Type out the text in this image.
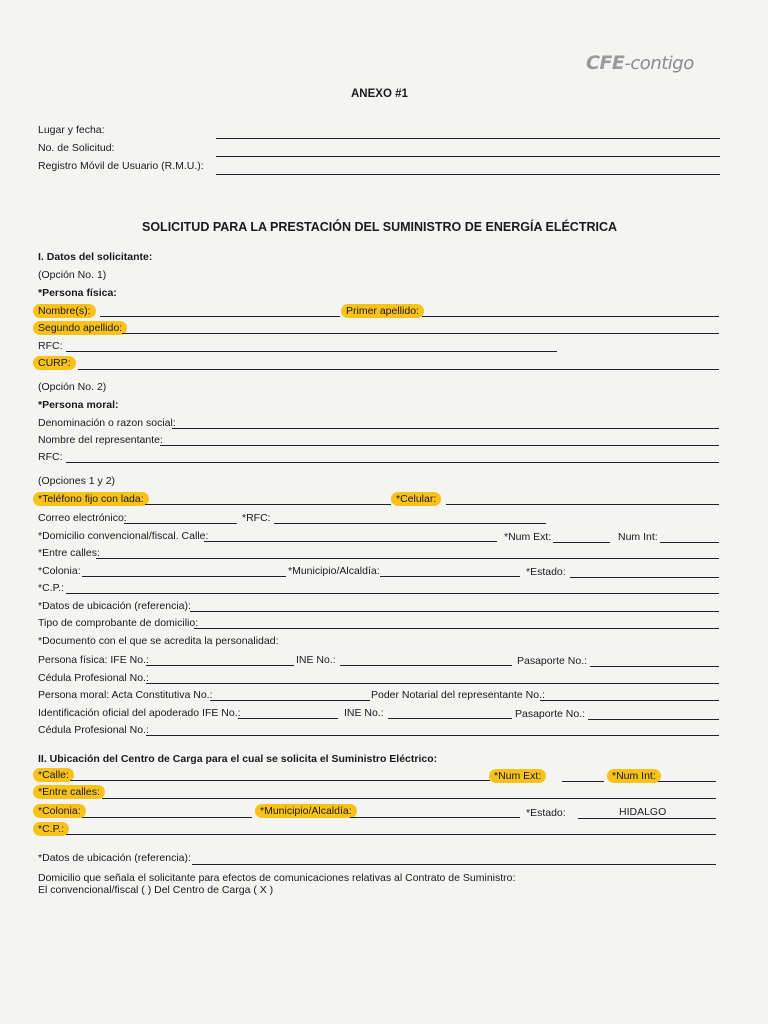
CFE-contigo
ANEXO #1
Lugar y fecha:
No. de Solicitud:
Registro Móvil de Usuario (R.M.U.):
SOLICITUD PARA LA PRESTACIÓN DEL SUMINISTRO DE ENERGÍA ELÉCTRICA
I. Datos del solicitante:
(Opción No. 1)
*Persona física:
Nombre(s):	Primer apellido:
Segundo apellido:
RFC:
CURP:
(Opción No. 2)
*Persona moral:
Denominación o razon social:
Nombre del representante:
RFC:
(Opciones 1 y 2)
*Teléfono fijo con lada:	*Celular:
Correo electrónico:	*RFC:
*Domicilio convencional/fiscal. Calle:	*Num Ext:	Num Int:
*Entre calles:
*Colonia:	*Municipio/Alcaldía:	*Estado:
*C.P.:
*Datos de ubicación (referencia):
Tipo de comprobante de domicilio:
*Documento con el que se acredita la personalidad:
Persona física: IFE No.:	INE No.:	Pasaporte No.:
Cédula Profesional No.:
Persona moral: Acta Constitutiva No.:	Poder Notarial del representante No.:
Identificación oficial del apoderado IFE No.:	INE No.:	Pasaporte No.:
Cédula Profesional No.:
II. Ubicación del Centro de Carga para el cual se solicita el Suministro Eléctrico:
*Calle:	*Num Ext:	*Num Int:
*Entre calles:
*Colonia:	*Municipio/Alcaldía:	*Estado:	HIDALGO
*C.P.:
*Datos de ubicación (referencia):
Domicilio que señala el solicitante para efectos de comunicaciones relativas al Contrato de Suministro:
El convencional/fiscal ( ) Del Centro de Carga ( X )
